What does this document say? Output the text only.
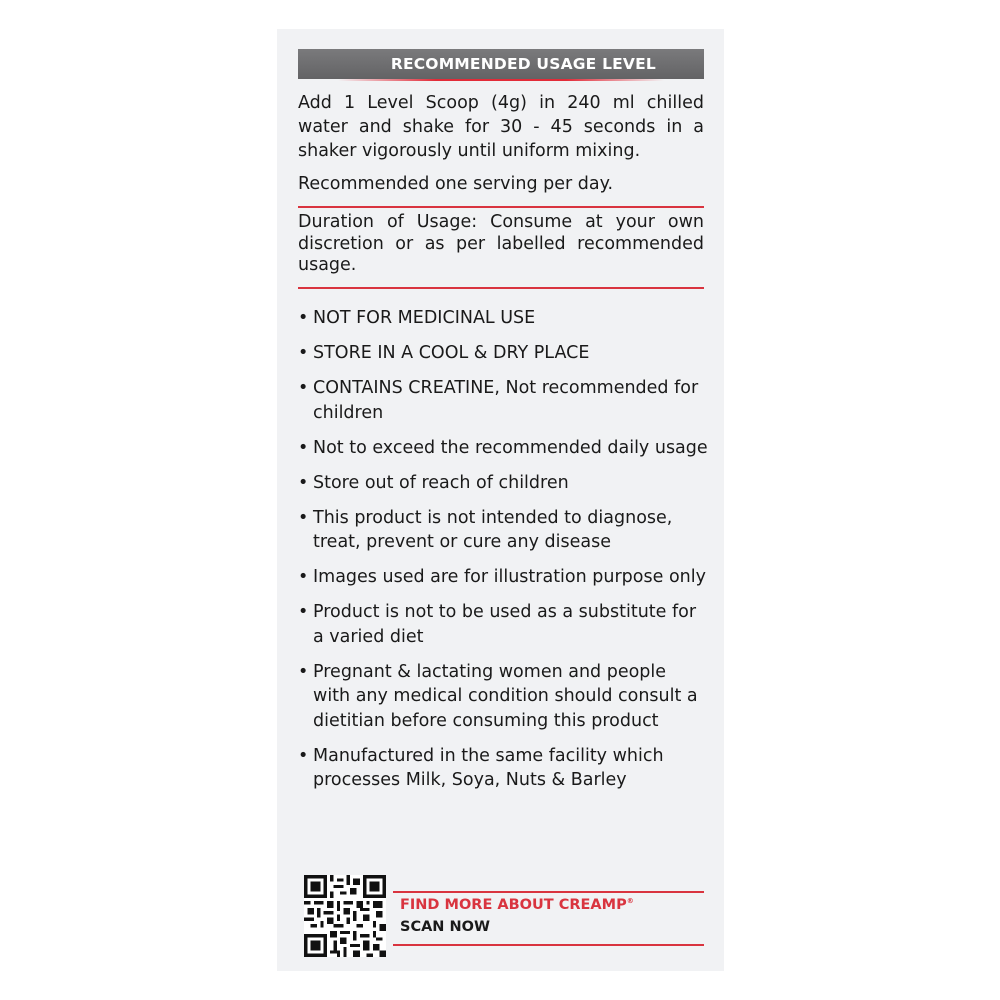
RECOMMENDED USAGE LEVEL
Add 1 Level Scoop (4g) in 240 ml chilled water and shake for 30 - 45 seconds in a shaker vigorously until uniform mixing.
Recommended one serving per day.
Duration of Usage: Consume at your own discretion or as per labelled recommended usage.
• NOT FOR MEDICINAL USE
• STORE IN A COOL & DRY PLACE
• CONTAINS CREATINE, Not recommended for children
• Not to exceed the recommended daily usage
• Store out of reach of children
• This product is not intended to diagnose, treat, prevent or cure any disease
• Images used are for illustration purpose only
• Product is not to be used as a substitute for a varied diet
• Pregnant & lactating women and people with any medical condition should consult a dietitian before consuming this product
• Manufactured in the same facility which processes Milk, Soya, Nuts & Barley
FIND MORE ABOUT CREAMP®
SCAN NOW
